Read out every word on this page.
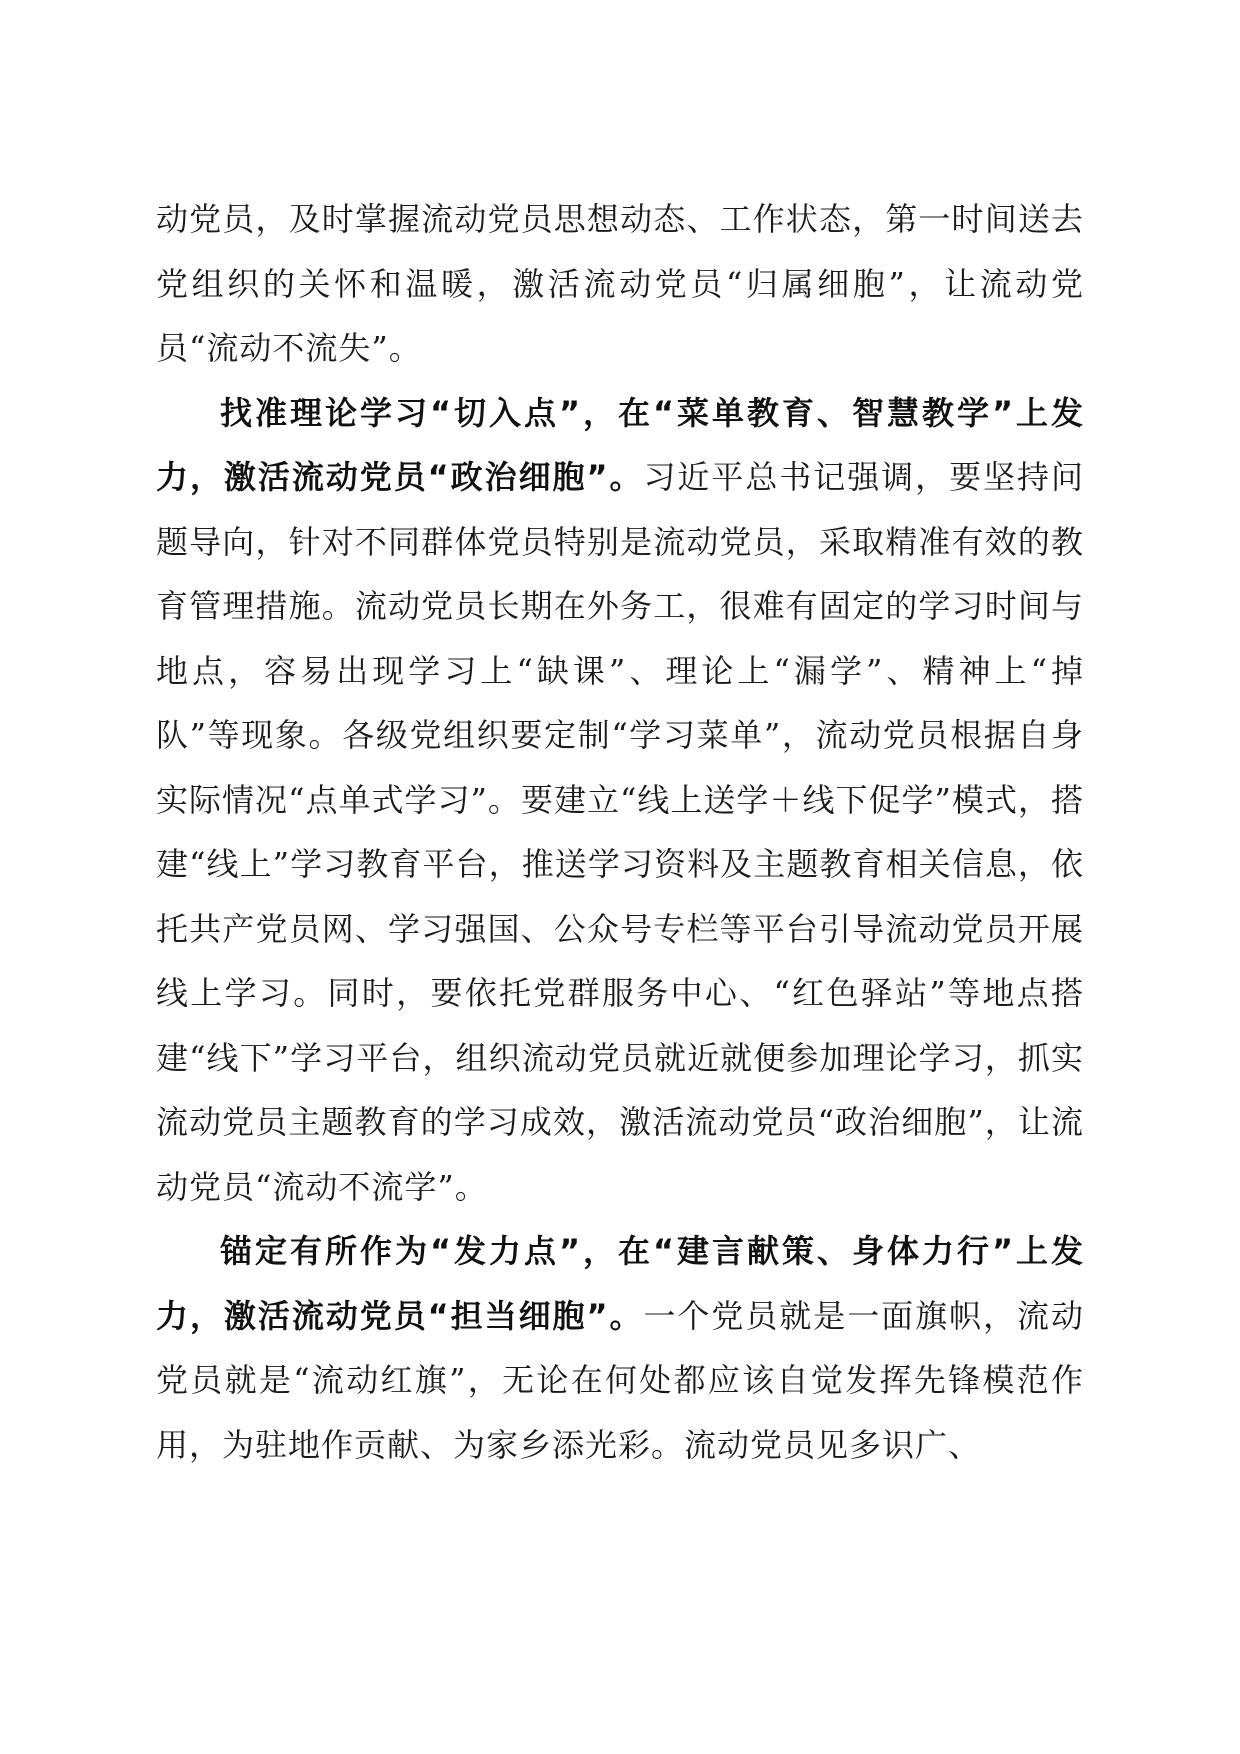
动党员，及时掌握流动党员思想动态、工作状态，第一时间送去党组织的关怀和温暖，激活流动党员“归属细胞”，让流动党员“流动不流失”。

找准理论学习“切入点”，在“菜单教育、智慧教学”上发力，激活流动党员“政治细胞”。习近平总书记强调，要坚持问题导向，针对不同群体党员特别是流动党员，采取精准有效的教育管理措施。流动党员长期在外务工，很难有固定的学习时间与地点，容易出现学习上“缺课”、理论上“漏学”、精神上“掉队”等现象。各级党组织要定制“学习菜单”，流动党员根据自身实际情况“点单式学习”。要建立“线上送学＋线下促学”模式，搭建“线上”学习教育平台，推送学习资料及主题教育相关信息，依托共产党员网、学习强国、公众号专栏等平台引导流动党员开展线上学习。同时，要依托党群服务中心、“红色驿站”等地点搭建“线下”学习平台，组织流动党员就近就便参加理论学习，抓实流动党员主题教育的学习成效，激活流动党员“政治细胞”，让流动党员“流动不流学”。

锚定有所作为“发力点”，在“建言献策、身体力行”上发力，激活流动党员“担当细胞”。一个党员就是一面旗帜，流动党员就是“流动红旗”，无论在何处都应该自觉发挥先锋模范作用，为驻地作贡献、为家乡添光彩。流动党员见多识广、
